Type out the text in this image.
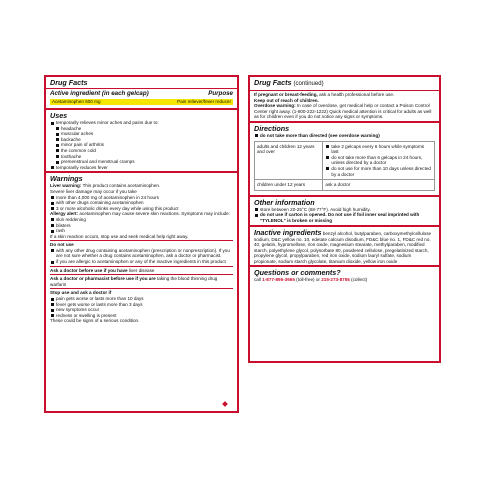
Drug Facts
Active ingredient (in each gelcap)	Purpose
Acetaminophen 500 mg	Pain reliever/fever reducer
Uses
temporarily relieves minor aches and pains due to:
headache
muscular aches
backache
minor pain of arthritis
the common cold
toothache
premenstrual and menstrual cramps
temporarily reduces fever
Warnings
Liver warning: This product contains acetaminophen.
Severe liver damage may occur if you take
more than 4,000 mg of acetaminophen in 24 hours
with other drugs containing acetaminophen
3 or more alcoholic drinks every day while using this product
Allergy alert: acetaminophen may cause severe skin reactions. Symptoms may include:
skin reddening
blisters
rash
If a skin reaction occurs, stop use and seek medical help right away.
Do not use
with any other drug containing acetaminophen (prescription or nonprescription). If you are not sure whether a drug contains acetaminophen, ask a doctor or pharmacist.
if you are allergic to acetaminophen or any of the inactive ingredients in this product
Ask a doctor before use if you have liver disease
Ask a doctor or pharmacist before use if you are taking the blood thinning drug warfarin
Stop use and ask a doctor if
pain gets worse or lasts more than 10 days
fever gets worse or lasts more than 3 days
new symptoms occur
redness or swelling is present
These could be signs of a serious condition.
Drug Facts (continued)
If pregnant or breast-feeding, ask a health professional before use.
Keep out of reach of children.
Overdose warning: In case of overdose, get medical help or contact a Poison Control Center right away. (1-800-222-1222) Quick medical attention is critical for adults as well as for children even if you do not notice any signs or symptoms.
Directions
do not take more than directed (see overdose warning)
adults and children 12 years and over	take 2 gelcaps every 6 hours while symptoms last
do not take more than 6 gelcaps in 24 hours, unless directed by a doctor
do not use for more than 10 days unless directed by a doctor

children under 12 years	ask a doctor
Other information
store between 20-25°C (68-77°F). Avoid high humidity.
do not use if carton is opened. Do not use if foil inner seal imprinted with "TYLENOL" is broken or missing
Inactive ingredients benzyl alcohol, butylparaben, carboxymethylcellulose sodium, D&C yellow no. 10, edetate calcium disodium, FD&C blue no. 1, FD&C red no. 40, gelatin, hypromellose, iron oxide, magnesium stearate, methylparaben, modified starch, polyethylene glycol, polysorbate 80, powdered cellulose, pregelatinized starch, propylene glycol, propylparaben, red iron oxide, sodium lauryl sulfate, sodium propionate, sodium starch glycolate, titanium dioxide, yellow iron oxide
Questions or comments?
call 1-877-895-3665 (toll-free) or 215-273-8755 (collect)
